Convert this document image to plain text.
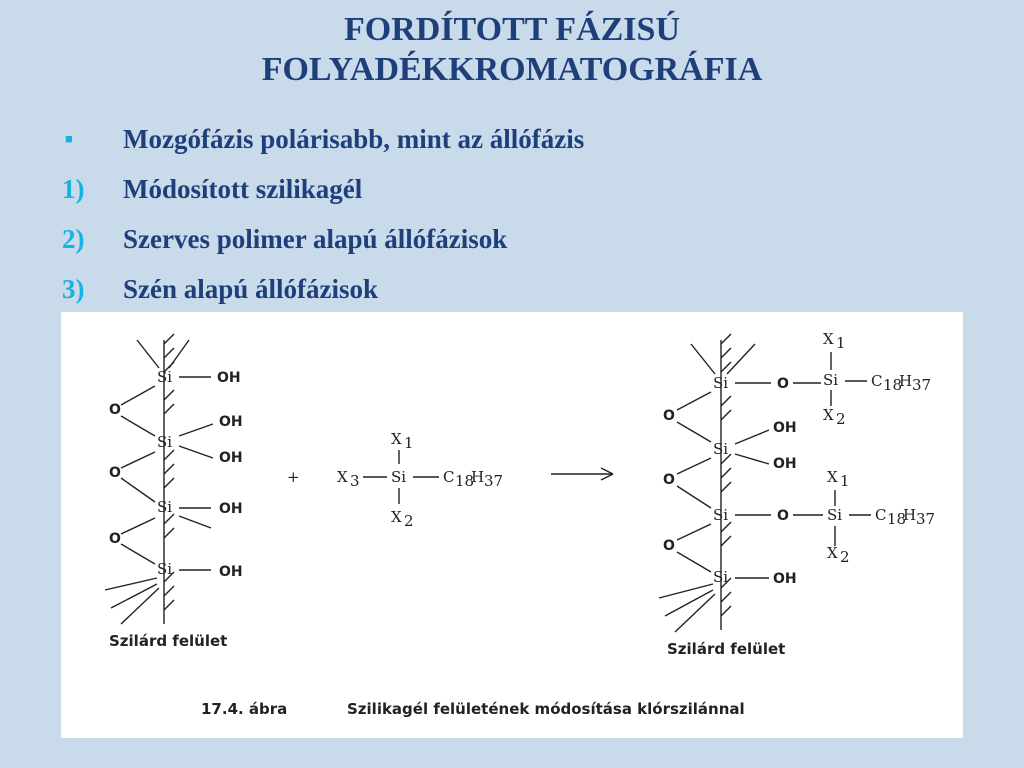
FORDÍTOTT FÁZISÚ
FOLYADÉKKROMATOGRÁFIA
■ Mozgófázis polárisabb, mint az állófázis
1) Módosított szilikagél
2) Szerves polimer alapú állófázisok
3) Szén alapú állófázisok
Si	OH
O
Si
OH
OH
O
Si	OH
O
Si	OH
Szilárd felület
+
X 1
X 3 Si C 18
H 37
X 2
Si	O Si
X 1
X 2
C 18
H 37
O
Si
OH
OH
O
Si	O	Si
X 1
X 2
C 18
H 37
O
Si	OH
Szilárd felület
17.4. ábra	Szilikagél felületének módosítása klórszilánnal
